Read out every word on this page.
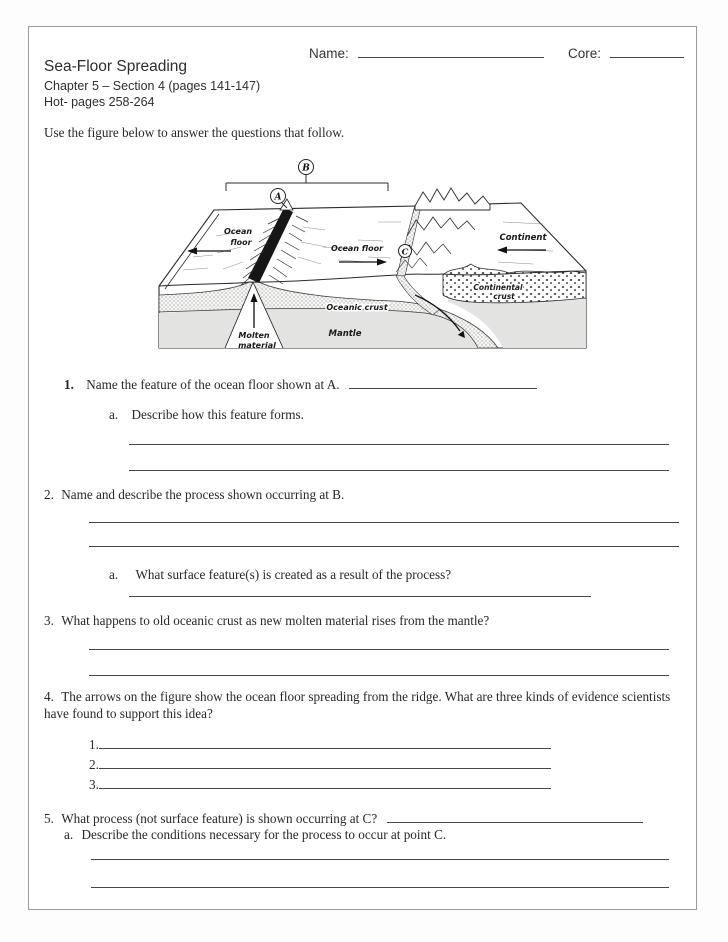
Name:	Core:
Sea-Floor Spreading
Chapter 5 – Section 4 (pages 141-147)
Hot- pages 258-264
Use the figure below to answer the questions that follow.
B
A
C
Ocean
floor
Ocean floor
Continent
Continental
crust
Oceanic crust
Mantle
Molten
material
1. Name the feature of the ocean floor shown at A.
a. Describe how this feature forms.
2. Name and describe the process shown occurring at B.
a. What surface feature(s) is created as a result of the process?
3. What happens to old oceanic crust as new molten material rises from the mantle?
4. The arrows on the figure show the ocean floor spreading from the ridge. What are three kinds of evidence scientists have found to support this idea?
1.
2.
3.
5. What process (not surface feature) is shown occurring at C?
a. Describe the conditions necessary for the process to occur at point C.
